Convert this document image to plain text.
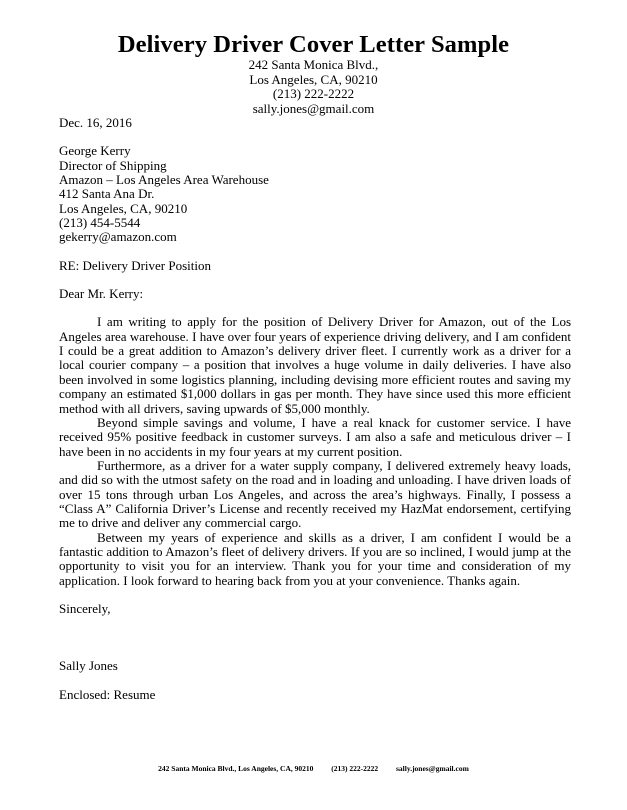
Delivery Driver Cover Letter Sample
242 Santa Monica Blvd.,
Los Angeles, CA, 90210
(213) 222-2222
sally.jones@gmail.com
Dec. 16, 2016
George Kerry
Director of Shipping
Amazon – Los Angeles Area Warehouse
412 Santa Ana Dr.
Los Angeles, CA, 90210
(213) 454-5544
gekerry@amazon.com
RE: Delivery Driver Position
Dear Mr. Kerry:

I am writing to apply for the position of Delivery Driver for Amazon, out of the Los Angeles area warehouse. I have over four years of experience driving delivery, and I am confident I could be a great addition to Amazon’s delivery driver fleet. I currently work as a driver for a local courier company – a position that involves a huge volume in daily deliveries. I have also been involved in some logistics planning, including devising more efficient routes and saving my company an estimated $1,000 dollars in gas per month. They have since used this more efficient method with all drivers, saving upwards of $5,000 monthly.

Beyond simple savings and volume, I have a real knack for customer service. I have received 95% positive feedback in customer surveys. I am also a safe and meticulous driver – I have been in no accidents in my four years at my current position.

Furthermore, as a driver for a water supply company, I delivered extremely heavy loads, and did so with the utmost safety on the road and in loading and unloading. I have driven loads of over 15 tons through urban Los Angeles, and across the area’s highways. Finally, I possess a “Class A” California Driver’s License and recently received my HazMat endorsement, certifying me to drive and deliver any commercial cargo.

Between my years of experience and skills as a driver, I am confident I would be a fantastic addition to Amazon’s fleet of delivery drivers. If you are so inclined, I would jump at the opportunity to visit you for an interview. Thank you for your time and consideration of my application. I look forward to hearing back from you at your convenience. Thanks again.

Sincerely,
Sally Jones
Enclosed: Resume
242 Santa Monica Blvd., Los Angeles, CA, 90210 (213) 222-2222 sally.jones@gmail.com
